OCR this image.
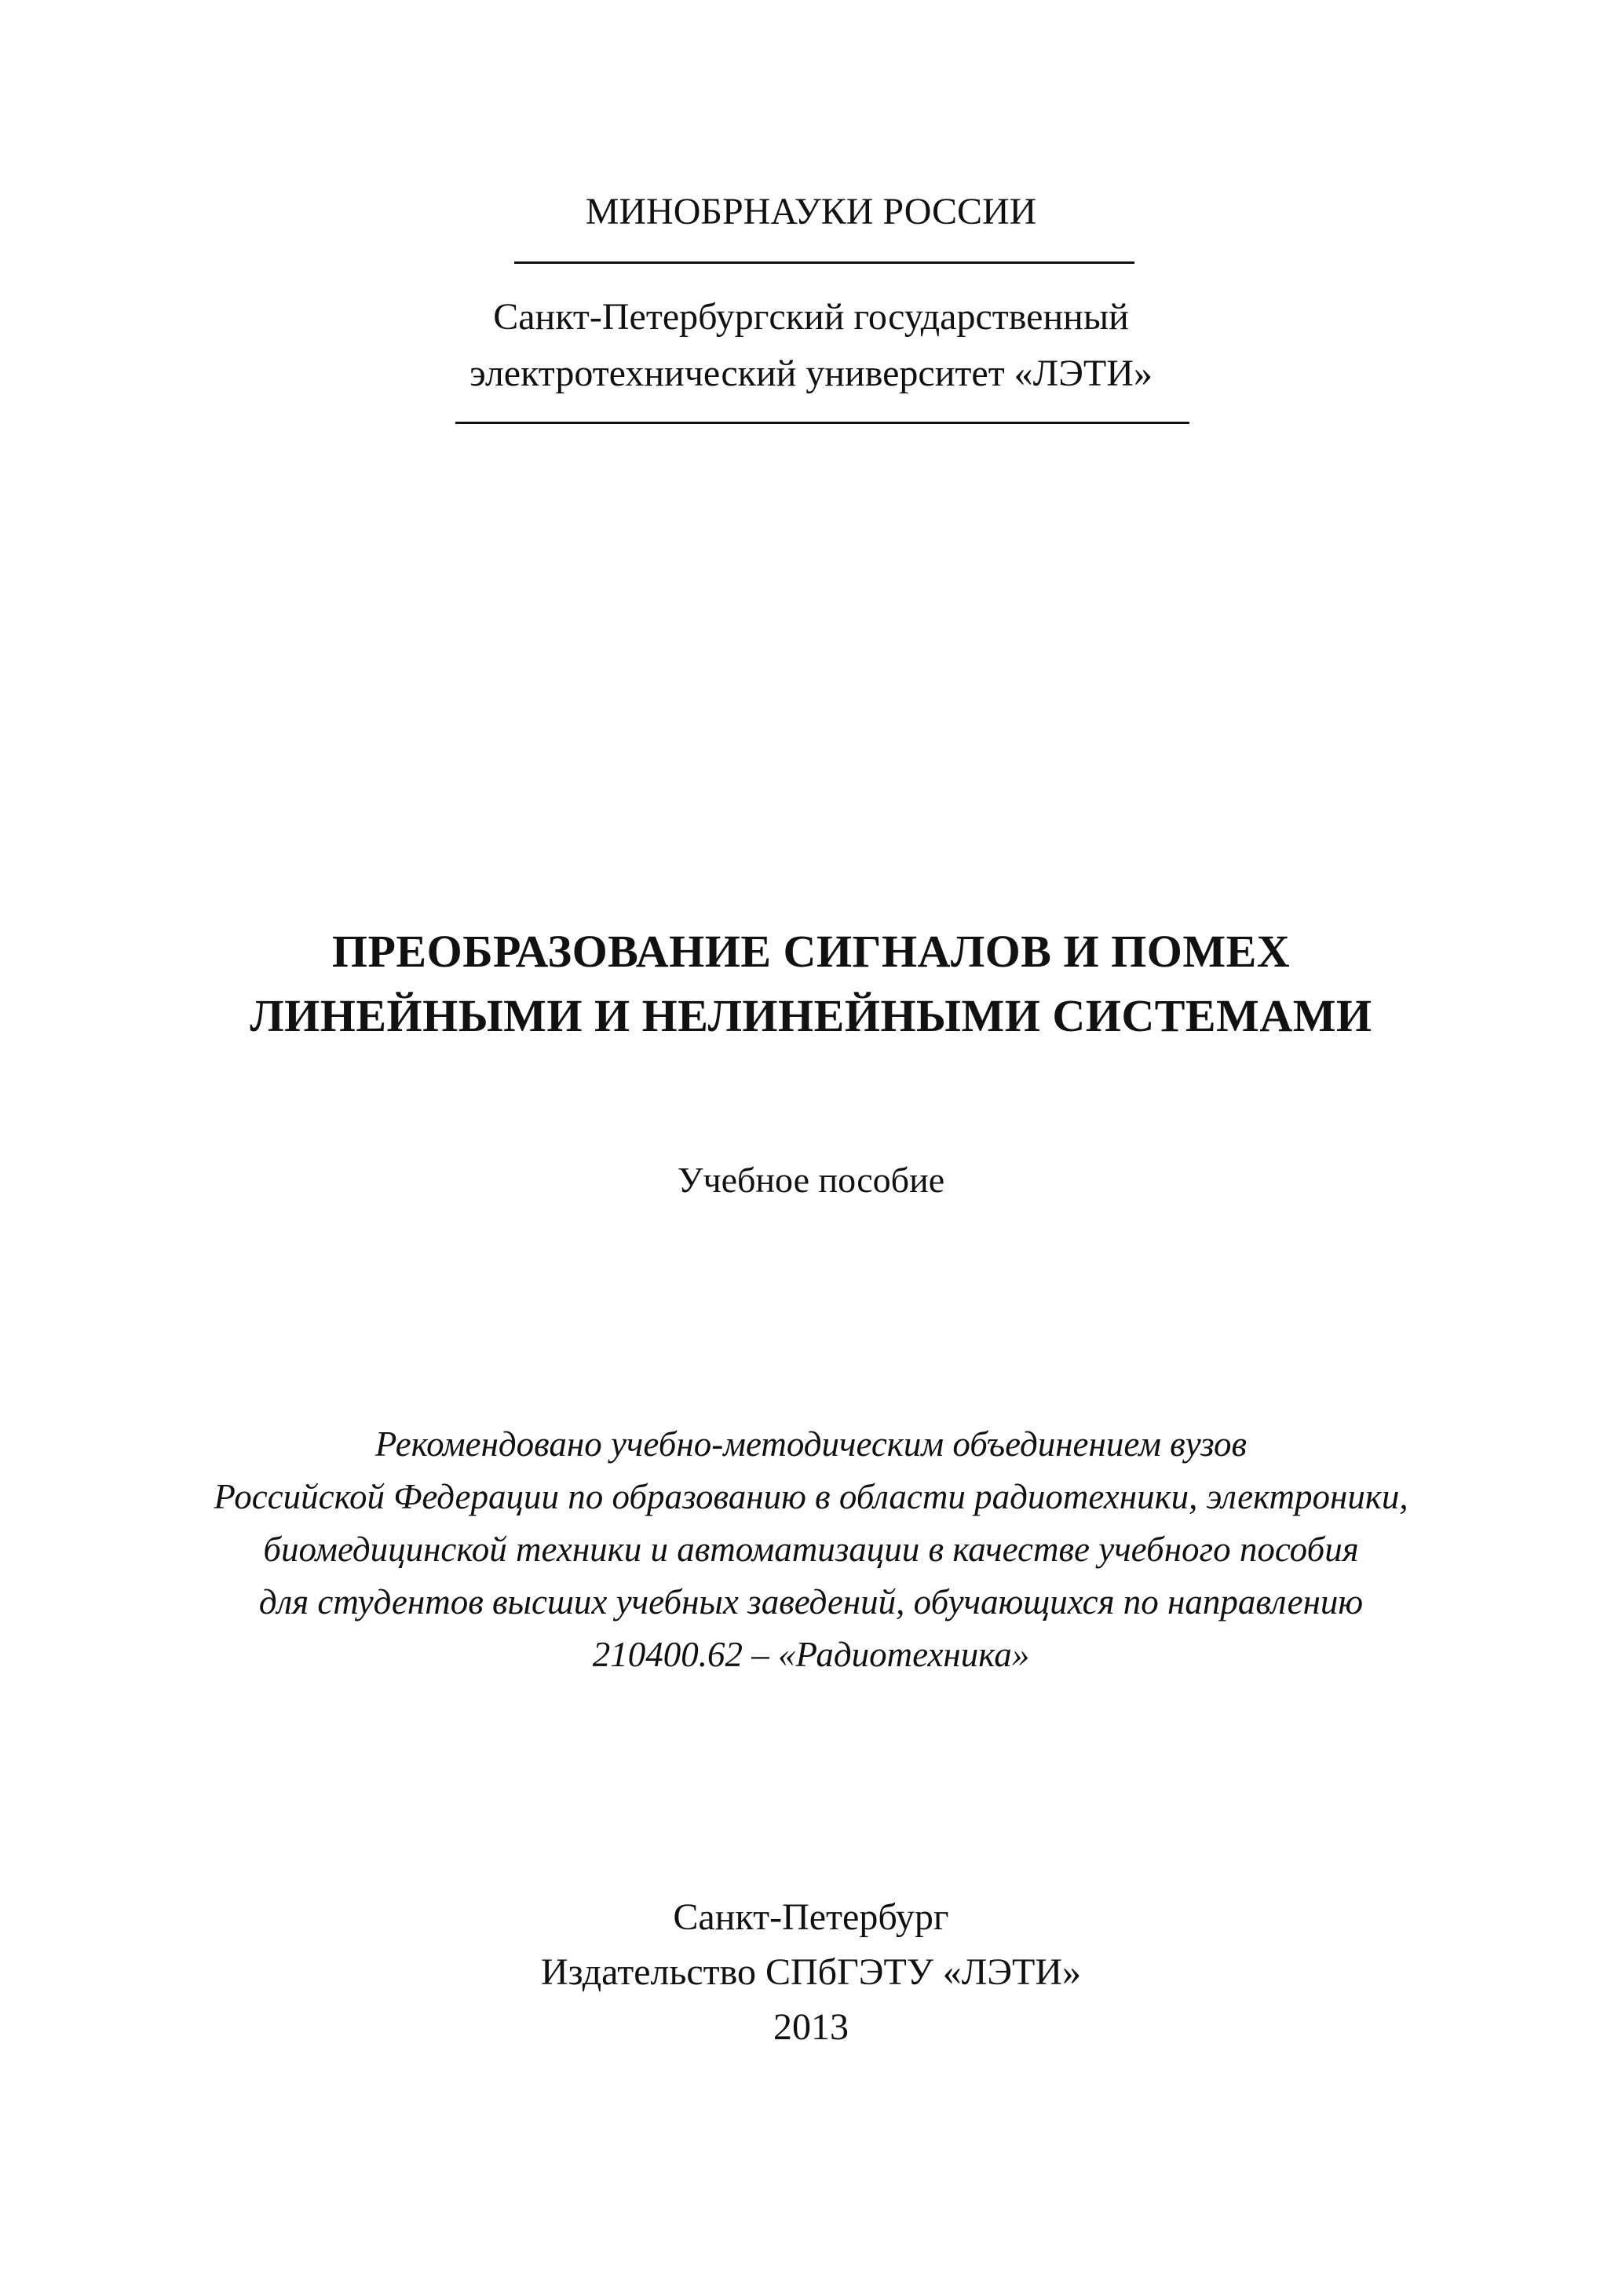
МИНОБРНАУКИ РОССИИ
Санкт-Петербургский государственный
электротехнический университет «ЛЭТИ»
ПРЕОБРАЗОВАНИЕ СИГНАЛОВ И ПОМЕХ
ЛИНЕЙНЫМИ И НЕЛИНЕЙНЫМИ СИСТЕМАМИ
Учебное пособие
Рекомендовано учебно-методическим объединением вузов
Российской Федерации по образованию в области радиотехники, электроники,
биомедицинской техники и автоматизации в качестве учебного пособия
для студентов высших учебных заведений, обучающихся по направлению
210400.62 – «Радиотехника»
Санкт-Петербург
Издательство СПбГЭТУ «ЛЭТИ»
2013
